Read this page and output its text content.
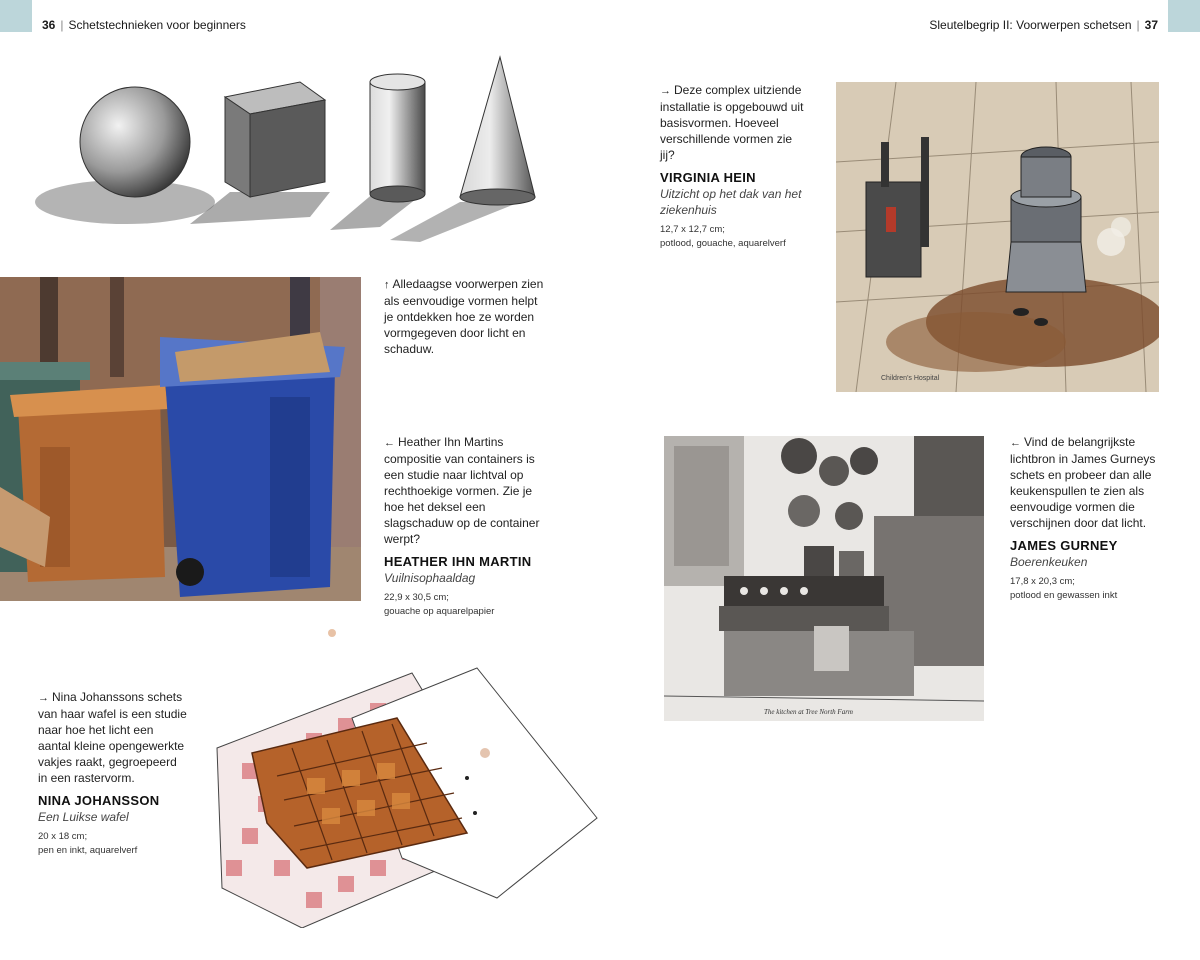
36 | Schetstechnieken voor beginners	Sleutelbegrip II: Voorwerpen schetsen | 37
Children's Hospital
The kitchen at Tree North Farm
↑ Alledaagse voorwerpen zien als eenvoudige vormen helpt je ontdekken hoe ze worden vormgegeven door licht en schaduw.
← Heather Ihn Martins compositie van containers is een studie naar lichtval op rechthoekige vormen. Zie je hoe het deksel een slagschaduw op de container werpt?
HEATHER IHN MARTIN
Vuilnisophaaldag
22,9 x 30,5 cm;
gouache op aquarelpapier
→ Nina Johanssons schets van haar wafel is een studie naar hoe het licht een aantal kleine opengewerkte vakjes raakt, gegroepeerd in een rastervorm.
NINA JOHANSSON
Een Luikse wafel
20 x 18 cm;
pen en inkt, aquarelverf
→ Deze complex uitziende installatie is opgebouwd uit basisvormen. Hoeveel verschillende vormen zie jij?
VIRGINIA HEIN
Uitzicht op het dak van het ziekenhuis
12,7 x 12,7 cm;
potlood, gouache, aquarelverf
← Vind de belangrijkste lichtbron in James Gurneys schets en probeer dan alle keukenspullen te zien als eenvoudige vormen die verschijnen door dat licht.
JAMES GURNEY
Boerenkeuken
17,8 x 20,3 cm;
potlood en gewassen inkt
